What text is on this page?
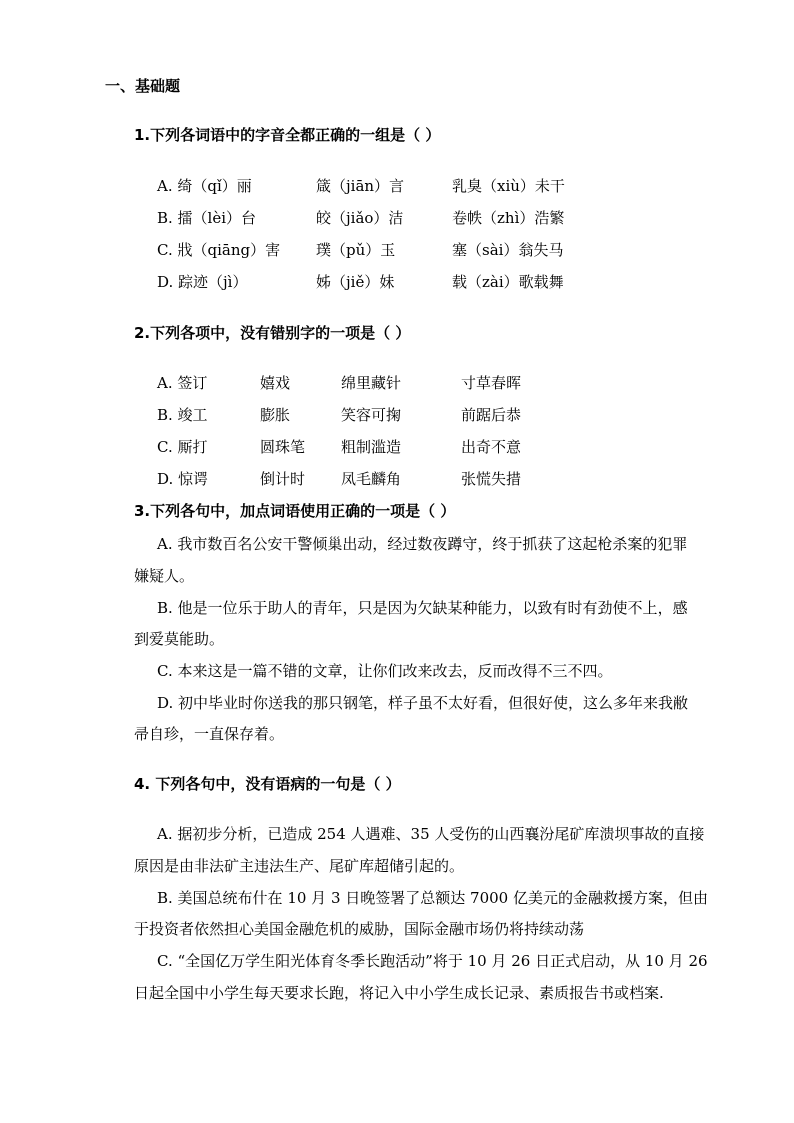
一、基础题
1.下列各词语中的字音全都正确的一组是（ ）
A. 绮（qǐ）丽	箴（jiān）言	乳臭（xiù）未干
B. 擂（lèi）台	皎（jiǎo）洁	卷帙（zhì）浩繁
C. 戕（qiāng）害 璞（pǔ）玉	塞（sài）翁失马
D. 踪迹（jì）	姊（jiě）妹	载（zài）歌载舞
2.下列各项中，没有错别字的一项是（ ）
A. 签订	嬉戏	绵里藏针	寸草春晖
B. 竣工	膨胀	笑容可掬	前踞后恭
C. 厮打	圆珠笔 粗制滥造	出奇不意
D. 惊谔	倒计时 凤毛麟角	张慌失措
3.下列各句中，加点词语使用正确的一项是（ ）
A. 我市数百名公安干警倾巢出动，经过数夜蹲守，终于抓获了这起枪杀案的犯罪
嫌疑人。
B. 他是一位乐于助人的青年，只是因为欠缺某种能力，以致有时有劲使不上，感
到爱莫能助。
C. 本来这是一篇不错的文章，让你们改来改去，反而改得不三不四。
D. 初中毕业时你送我的那只钢笔，样子虽不太好看，但很好使，这么多年来我敝
帚自珍，一直保存着。
4. 下列各句中，没有语病的一句是（ ）
A. 据初步分析，已造成 254 人遇难、35 人受伤的山西襄汾尾矿库溃坝事故的直接
原因是由非法矿主违法生产、尾矿库超储引起的。
B. 美国总统布什在 10 月 3 日晚签署了总额达 7000 亿美元的金融救援方案，但由
于投资者依然担心美国金融危机的威胁，国际金融市场仍将持续动荡
C. “全国亿万学生阳光体育冬季长跑活动”将于 10 月 26 日正式启动，从 10 月 26
日起全国中小学生每天要求长跑，将记入中小学生成长记录、素质报告书或档案.
